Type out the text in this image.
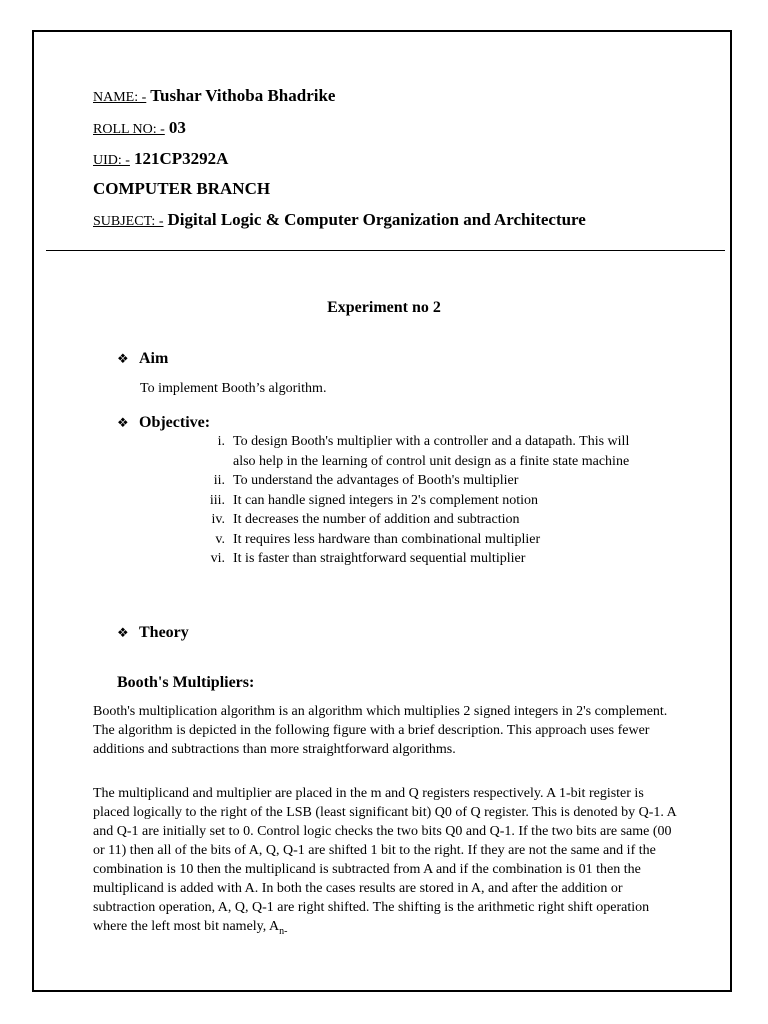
NAME: - Tushar Vithoba Bhadrike
ROLL NO: - 03
UID: - 121CP3292A
COMPUTER BRANCH
SUBJECT: - Digital Logic & Computer Organization and Architecture
Experiment no 2
❖ Aim
To implement Booth’s algorithm.
❖ Objective:
i. To design Booth's multiplier with a controller and a datapath. This will also help in the learning of control unit design as a finite state machine
ii. To understand the advantages of Booth's multiplier
iii. It can handle signed integers in 2's complement notion
iv. It decreases the number of addition and subtraction
v. It requires less hardware than combinational multiplier
vi. It is faster than straightforward sequential multiplier
❖ Theory
Booth's Multipliers:
Booth's multiplication algorithm is an algorithm which multiplies 2 signed integers in 2's complement. The algorithm is depicted in the following figure with a brief description. This approach uses fewer additions and subtractions than more straightforward algorithms.
The multiplicand and multiplier are placed in the m and Q registers respectively. A 1-bit register is placed logically to the right of the LSB (least significant bit) Q0 of Q register. This is denoted by Q-1. A and Q-1 are initially set to 0. Control logic checks the two bits Q0 and Q-1. If the two bits are same (00 or 11) then all of the bits of A, Q, Q-1 are shifted 1 bit to the right. If they are not the same and if the combination is 10 then the multiplicand is subtracted from A and if the combination is 01 then the multiplicand is added with A. In both the cases results are stored in A, and after the addition or subtraction operation, A, Q, Q-1 are right shifted. The shifting is the arithmetic right shift operation where the left most bit namely, $A_{n-}$
